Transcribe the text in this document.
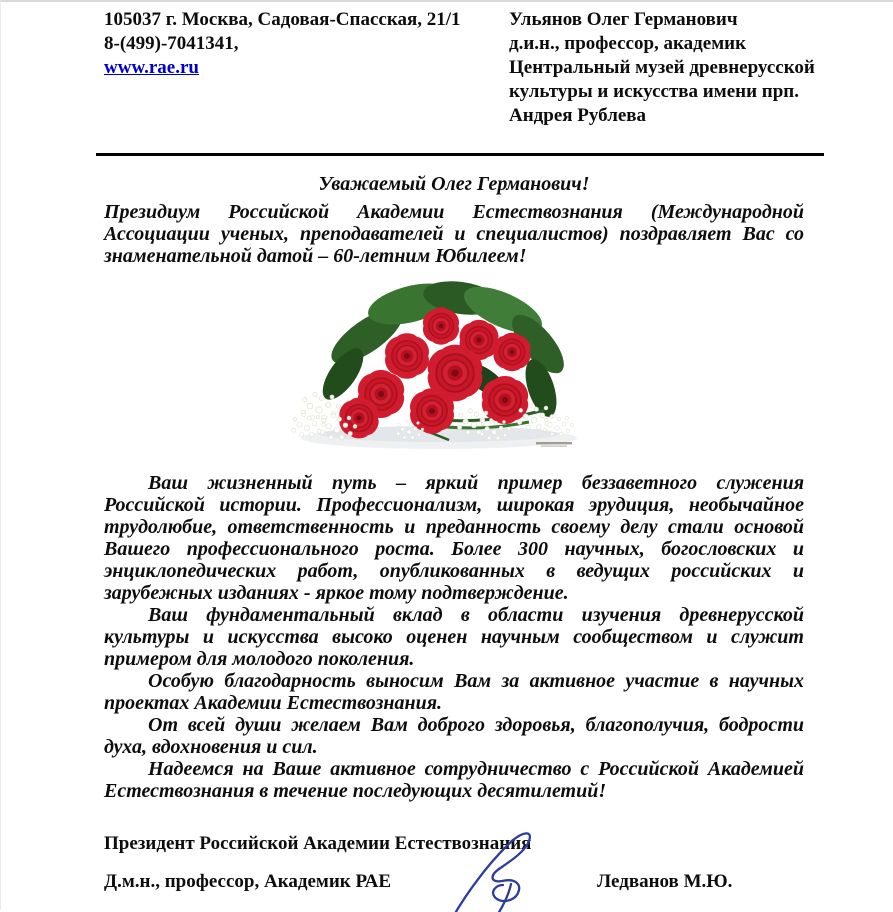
105037 г. Москва, Садовая-Спасская, 21/1
8-(499)-7041341,
www.rae.ru
Ульянов Олег Германович
д.и.н., профессор, академик
Центральный музей древнерусской культуры и искусства имени прп. Андрея Рублева
Уважаемый Олег Германович!
Президиум Российской Академии Естествознания (Международной Ассоциации ученых, преподавателей и специалистов) поздравляет Вас со знаменательной датой – 60-летним Юбилеем!

Ваш жизненный путь – яркий пример беззаветного служения Российской истории. Профессионализм, широкая эрудиция, необычайное трудолюбие, ответственность и преданность своему делу стали основой Вашего профессионального роста. Более 300 научных, богословских и энциклопедических работ, опубликованных в ведущих российских и зарубежных изданиях - яркое тому подтверждение.

Ваш фундаментальный вклад в области изучения древнерусской культуры и искусства высоко оценен научным сообществом и служит примером для молодого поколения.

Особую благодарность выносим Вам за активное участие в научных проектах Академии Естествознания.

От всей души желаем Вам доброго здоровья, благополучия, бодрости духа, вдохновения и сил.

Надеемся на Ваше активное сотрудничество с Российской Академией Естествознания в течение последующих десятилетий!

Президент Российской Академии Естествознания
Д.м.н., профессор, Академик РАЕ	Ледванов М.Ю.
